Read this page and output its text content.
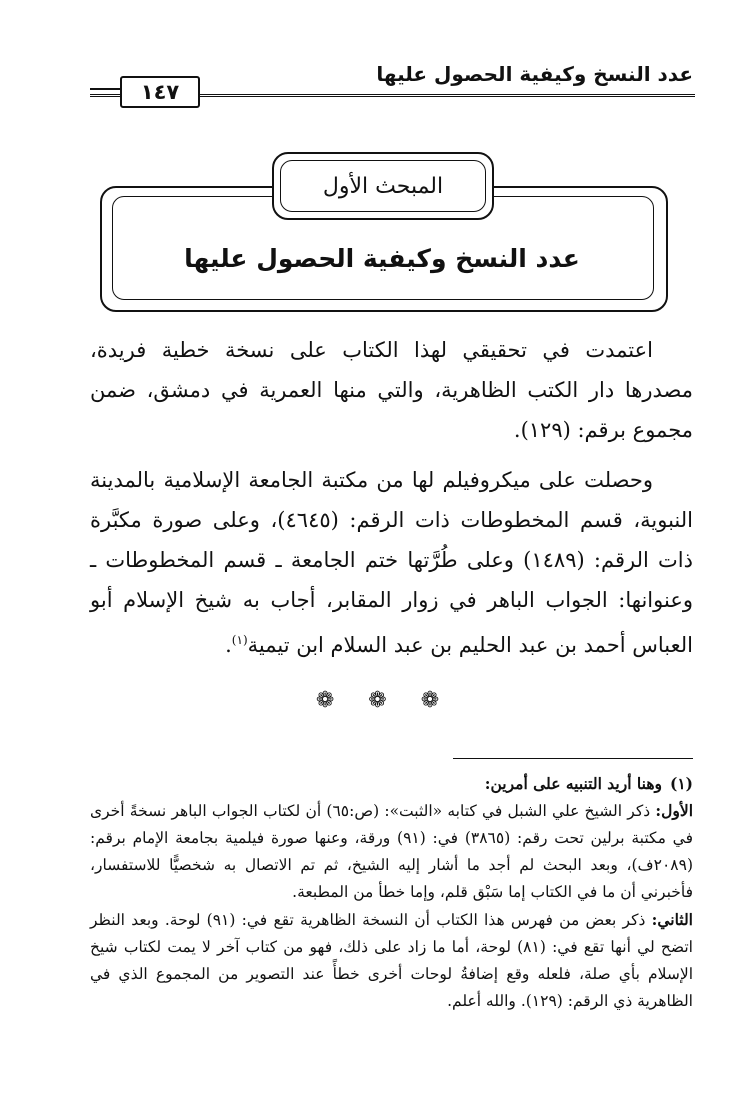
عدد النسخ وكيفية الحصول عليها
١٤٧
المبحث الأول
عدد النسخ وكيفية الحصول عليها

اعتمدت في تحقيقي لهذا الكتاب على نسخة خطية فريدة، مصدرها دار الكتب الظاهرية، والتي منها العمرية في دمشق، ضمن مجموع برقم: (١٢٩).

وحصلت على ميكروفيلم لها من مكتبة الجامعة الإسلامية بالمدينة النبوية، قسم المخطوطات ذات الرقم: (٤٦٤٥)، وعلى صورة مكبَّرة ذات الرقم: (١٤٨٩) وعلى طُرَّتها ختم الجامعة ـ قسم المخطوطات ـ وعنوانها: الجواب الباهر في زوار المقابر، أجاب به شيخ الإسلام أبو العباس أحمد بن عبد الحليم بن عبد السلام ابن تيمية$^{(١)}$.

❁ ❁ ❁

(١)وهنا أريد التنبيه على أمرين:

الأول: ذكر الشيخ علي الشبل في كتابه «الثبت»: (ص:٦٥) أن لكتاب الجواب الباهر نسخةً أخرى في مكتبة برلين تحت رقم: (٣٨٦٥) في: (٩١) ورقة، وعنها صورة فيلمية بجامعة الإمام برقم: (٢٠٨٩ف)، وبعد البحث لم أجد ما أشار إليه الشيخ، ثم تم الاتصال به شخصيًّا للاستفسار، فأخبرني أن ما في الكتاب إما سَبْق قلم، وإما خطأ من المطبعة.

الثاني: ذكر بعض من فهرس هذا الكتاب أن النسخة الظاهرية تقع في: (٩١) لوحة. وبعد النظر اتضح لي أنها تقع في: (٨١) لوحة، أما ما زاد على ذلك، فهو من كتاب آخر لا يمت لكتاب شيخ الإسلام بأي صلة، فلعله وقع إضافةُ لوحات أخرى خطأً عند التصوير من المجموع الذي في الظاهرية ذي الرقم: (١٢٩). والله أعلم.
